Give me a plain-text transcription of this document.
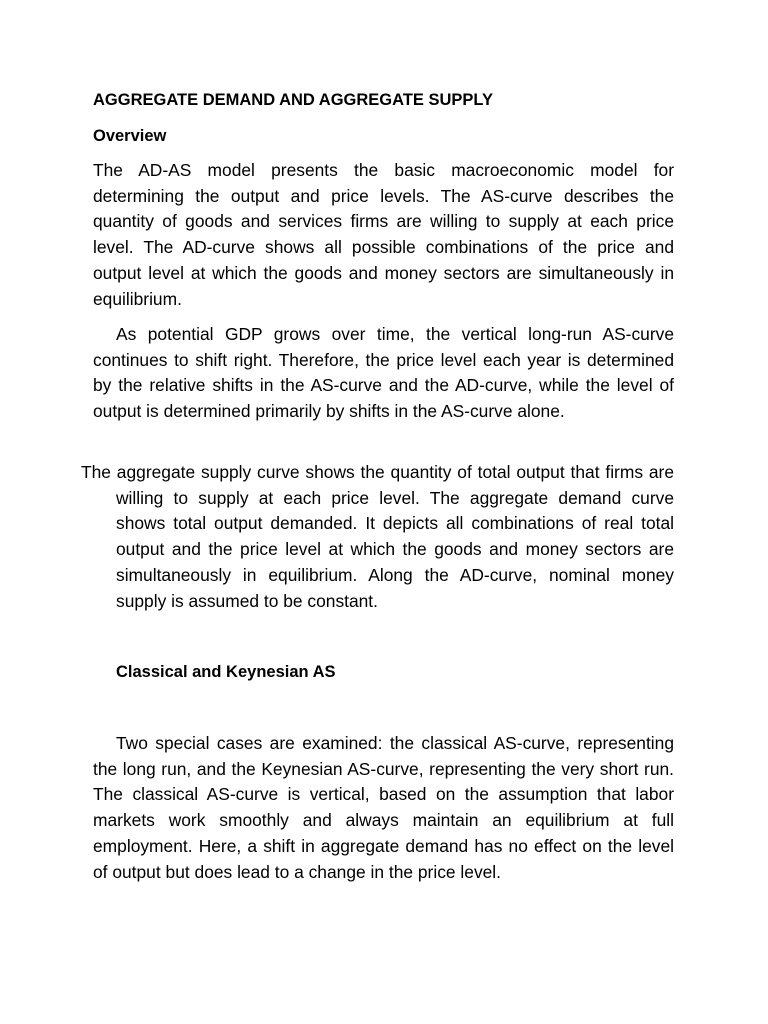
AGGREGATE DEMAND AND AGGREGATE SUPPLY
Overview

The AD-AS model presents the basic macroeconomic model for determining the output and price levels. The AS-curve describes the quantity of goods and services firms are willing to supply at each price level. The AD-curve shows all possible combinations of the price and output level at which the goods and money sectors are simultaneously in equilibrium.

As potential GDP grows over time, the vertical long-run AS-curve continues to shift right. Therefore, the price level each year is determined by the relative shifts in the AS-curve and the AD-curve, while the level of output is determined primarily by shifts in the AS-curve alone.

The aggregate supply curve shows the quantity of total output that firms are willing to supply at each price level. The aggregate demand curve shows total output demanded. It depicts all combinations of real total output and the price level at which the goods and money sectors are simultaneously in equilibrium. Along the AD-curve, nominal money supply is assumed to be constant.

Classical and Keynesian AS

Two special cases are examined: the classical AS-curve, representing the long run, and the Keynesian AS-curve, representing the very short run. The classical AS-curve is vertical, based on the assumption that labor markets work smoothly and always maintain an equilibrium at full employment. Here, a shift in aggregate demand has no effect on the level of output but does lead to a change in the price level.
